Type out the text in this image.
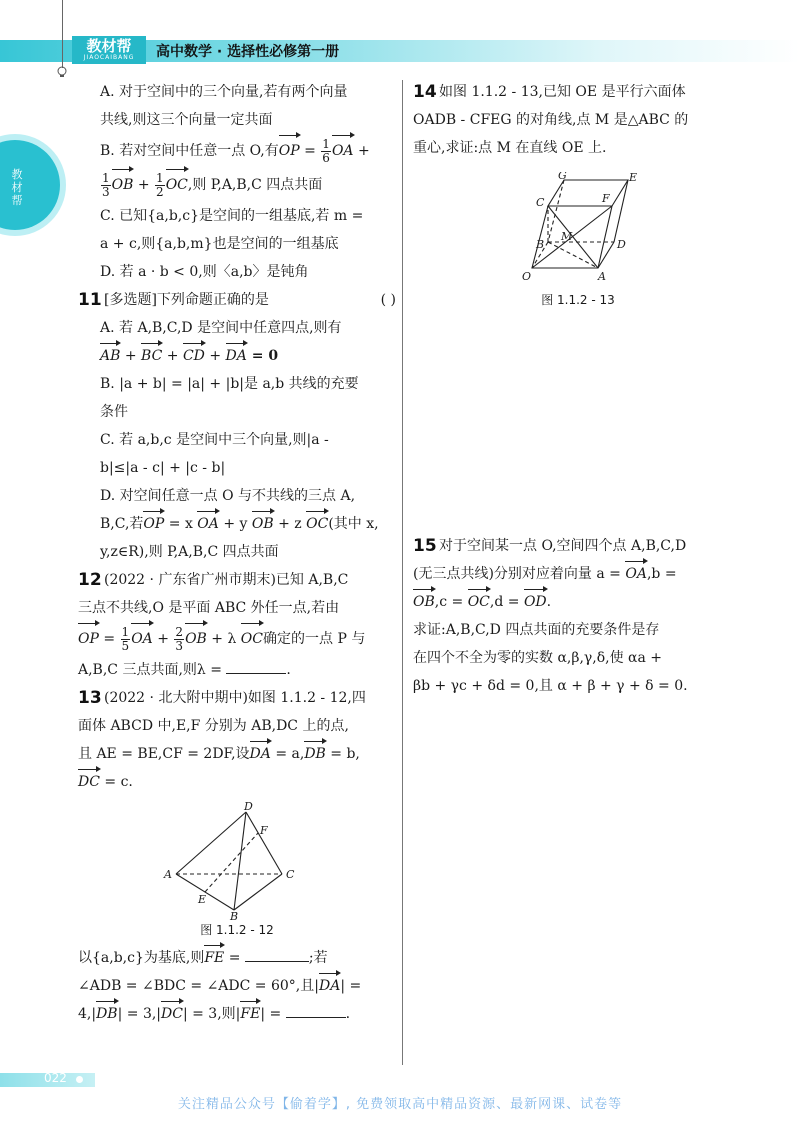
教材帮
JIAOCAIBANG 高中数学 · 选择性必修第一册
教材帮
A. 对于空间中的三个向量,若有两个向量
共线,则这三个向量一定共面
B. 若对空间中任意一点 O,有OP = $\frac{1}{6}$ OA +
$\frac{1}{3}$ OB + $\frac{1}{2}$ OC,则 P,A,B,C 四点共面
C. 已知{a,b,c}是空间的一组基底,若 m =
a + c,则{a,b,m}也是空间的一组基底
D. 若 a · b < 0,则〈a,b〉是钝角
11 [多选题]下列命题正确的是	( )
A. 若 A,B,C,D 是空间中任意四点,则有
AB + BC + CD + DA = 0
B. |a + b| = |a| + |b|是 a,b 共线的充要
条件
C. 若 a,b,c 是空间中三个向量,则|a -
b|≤|a - c| + |c - b|
D. 对空间任意一点 O 与不共线的三点 A,
B,C,若OP = x OA + y OB + z OC(其中 x,
y,z∈R),则 P,A,B,C 四点共面
12 (2022 · 广东省广州市期末)已知 A,B,C
三点不共线,O 是平面 ABC 外任一点,若由
OP = $\frac{1}{5}$ OA + $\frac{2}{3}$ OB + λ OC确定的一点 P 与
A,B,C 三点共面,则λ =	.
13 (2022 · 北大附中期中)如图 1.1.2 - 12,四
面体 ABCD 中,E,F 分别为 AB,DC 上的点,
且 AE = BE,CF = 2DF,设DA = a,DB = b,
DC = c.
D
F
A	C
E
B
图 1.1.2 - 12
以{a,b,c}为基底,则FE =	;若
∠ADB = ∠BDC = ∠ADC = 60°,且|DA| =
4,|DB| = 3,|DC| = 3,则|FE| =	.
14 如图 1.1.2 - 13,已知 OE 是平行六面体
OADB - CFEG 的对角线,点 M 是△ABC 的
重心,求证:点 M 在直线 OE 上.
G	E
C	F
M
B	D
O	A
图 1.1.2 - 13
15 对于空间某一点 O,空间四个点 A,B,C,D
(无三点共线)分别对应着向量 a = OA,b =
OB,c = OC,d = OD.
求证:A,B,C,D 四点共面的充要条件是存
在四个不全为零的实数 α,β,γ,δ,使 αa +
βb + γc + δd = 0,且 α + β + γ + δ = 0.
022
关注精品公众号【偷着学】, 免费领取高中精品资源、最新网课、试卷等
